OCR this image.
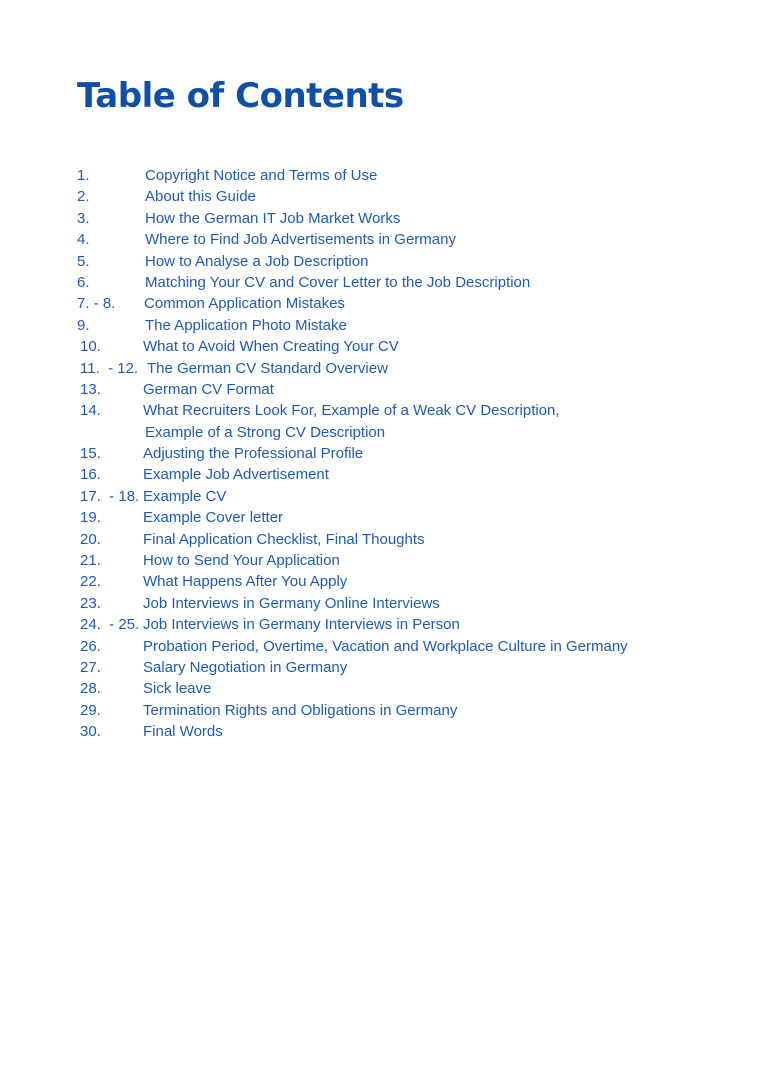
Table of Contents
1.	Copyright Notice and Terms of Use
2.	About this Guide
3.	How the German IT Job Market Works
4.	Where to Find Job Advertisements in Germany
5.	How to Analyse a Job Description
6.	Matching Your CV and Cover Letter to the Job Description
7. - 8. Common Application Mistakes
9.	The Application Photo Mistake
10.	What to Avoid When Creating Your CV
11.  - 12. The German CV Standard Overview
13.	German CV Format
14.	What Recruiters Look For, Example of a Weak CV Description,
Example of a Strong CV Description
15.	Adjusting the Professional Profile
16.	Example Job Advertisement
17.  - 18. Example CV
19.	Example Cover letter
20.	Final Application Checklist, Final Thoughts
21.	How to Send Your Application
22.	What Happens After You Apply
23.	Job Interviews in Germany Online Interviews
24.  - 25. Job Interviews in Germany Interviews in Person
26.	Probation Period, Overtime, Vacation and Workplace Culture in Germany
27.	Salary Negotiation in Germany
28.	Sick leave
29.	Termination Rights and Obligations in Germany
30.	Final Words
